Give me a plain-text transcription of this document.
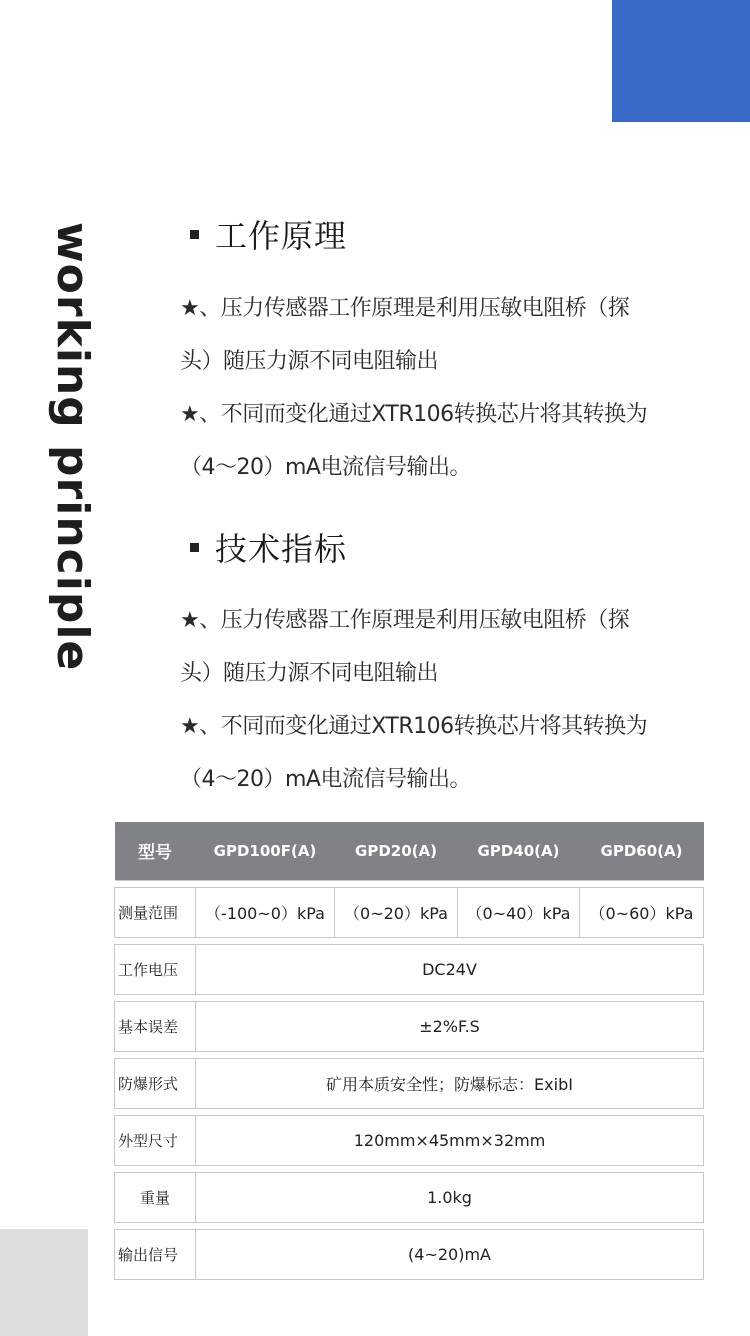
working principle	工作原理
★、压力传感器工作原理是利用压敏电阻桥（探
头）随压力源不同电阻输出
★、不同而变化通过XTR106转换芯片将其转换为
（4～20）mA电流信号输出。
技术指标
★、压力传感器工作原理是利用压敏电阻桥（探
头）随压力源不同电阻输出
★、不同而变化通过XTR106转换芯片将其转换为
（4～20）mA电流信号输出。
型号	GPD100F(A)	GPD20(A)	GPD40(A)	GPD60(A)

测量范围	（-100~0）kPa	（0~20）kPa	（0~40）kPa	（0~60）kPa

工作电压	DC24V			

基本误差	±2%F.S			

防爆形式	矿用本质安全性；防爆标志：ExibI			

外型尺寸	120mm×45mm×32mm			

重量	1.0kg			

输出信号	(4~20)mA			
